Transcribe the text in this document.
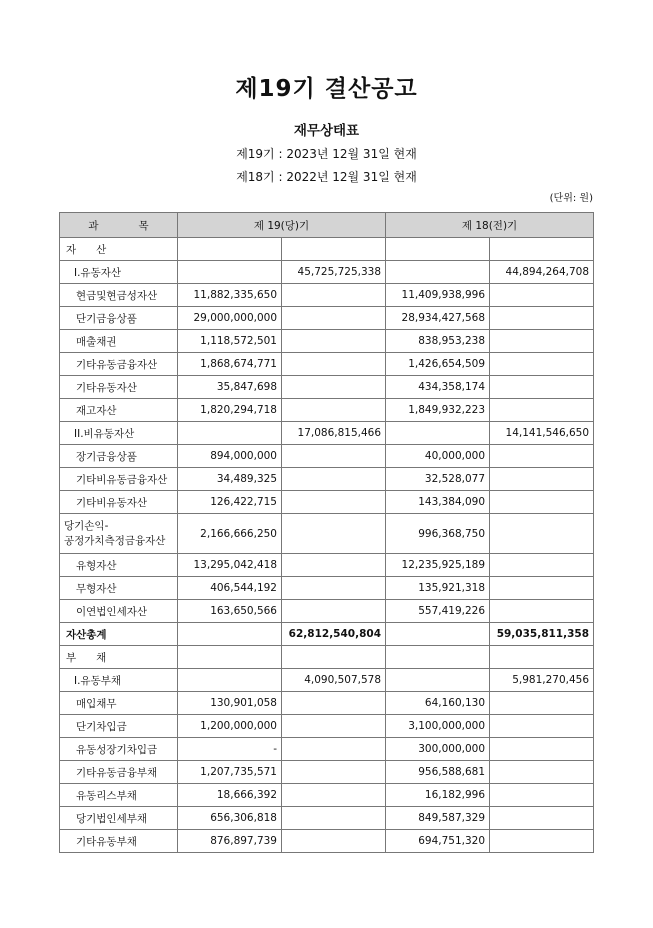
제19기 결산공고
재무상태표
제19기 : 2023년 12월 31일 현재
제18기 : 2022년 12월 31일 현재
(단위: 원)
과            목	제 19(당)기		제 18(전)기	
자      산				
I.유동자산		45,725,725,338		44,894,264,708
현금및현금성자산	11,882,335,650		11,409,938,996	
단기금융상품	29,000,000,000		28,934,427,568	
매출채권	1,118,572,501		838,953,238	
기타유동금융자산	1,868,674,771		1,426,654,509	
기타유동자산	35,847,698		434,358,174	
재고자산	1,820,294,718		1,849,932,223	
II.비유동자산		17,086,815,466		14,141,546,650
장기금융상품	894,000,000		40,000,000	
기타비유동금융자산	34,489,325		32,528,077	
기타비유동자산	126,422,715		143,384,090	
당기손익-
공정가치측정금융자산	2,166,666,250		996,368,750	
유형자산	13,295,042,418		12,235,925,189	
무형자산	406,544,192		135,921,318	
이연법인세자산	163,650,566		557,419,226	
자산총계		62,812,540,804		59,035,811,358
부      채				
I.유동부채		4,090,507,578		5,981,270,456
매입채무	130,901,058		64,160,130	
단기차입금	1,200,000,000		3,100,000,000	
유동성장기차입금	-		300,000,000	
기타유동금융부채	1,207,735,571		956,588,681	
유동리스부채	18,666,392		16,182,996	
당기법인세부채	656,306,818		849,587,329	
기타유동부채	876,897,739		694,751,320	
